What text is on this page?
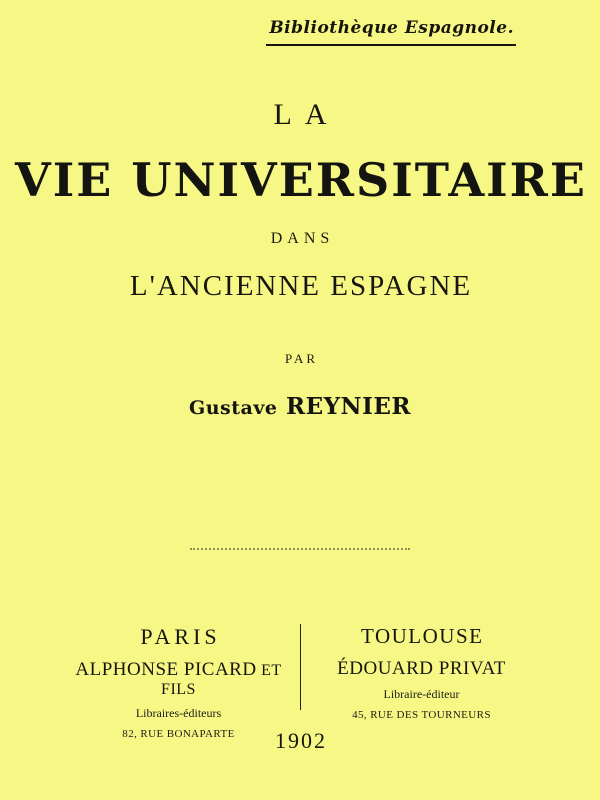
Bibliothèque Espagnole.
LA
VIE UNIVERSITAIRE
DANS
L'ANCIENNE ESPAGNE
PAR
Gustave REYNIER
PARIS
ALPHONSE PICARD ET FILS
Libraires-éditeurs
82, RUE BONAPARTE
TOULOUSE
ÉDOUARD PRIVAT
Libraire-éditeur
45, RUE DES TOURNEURS
1902
